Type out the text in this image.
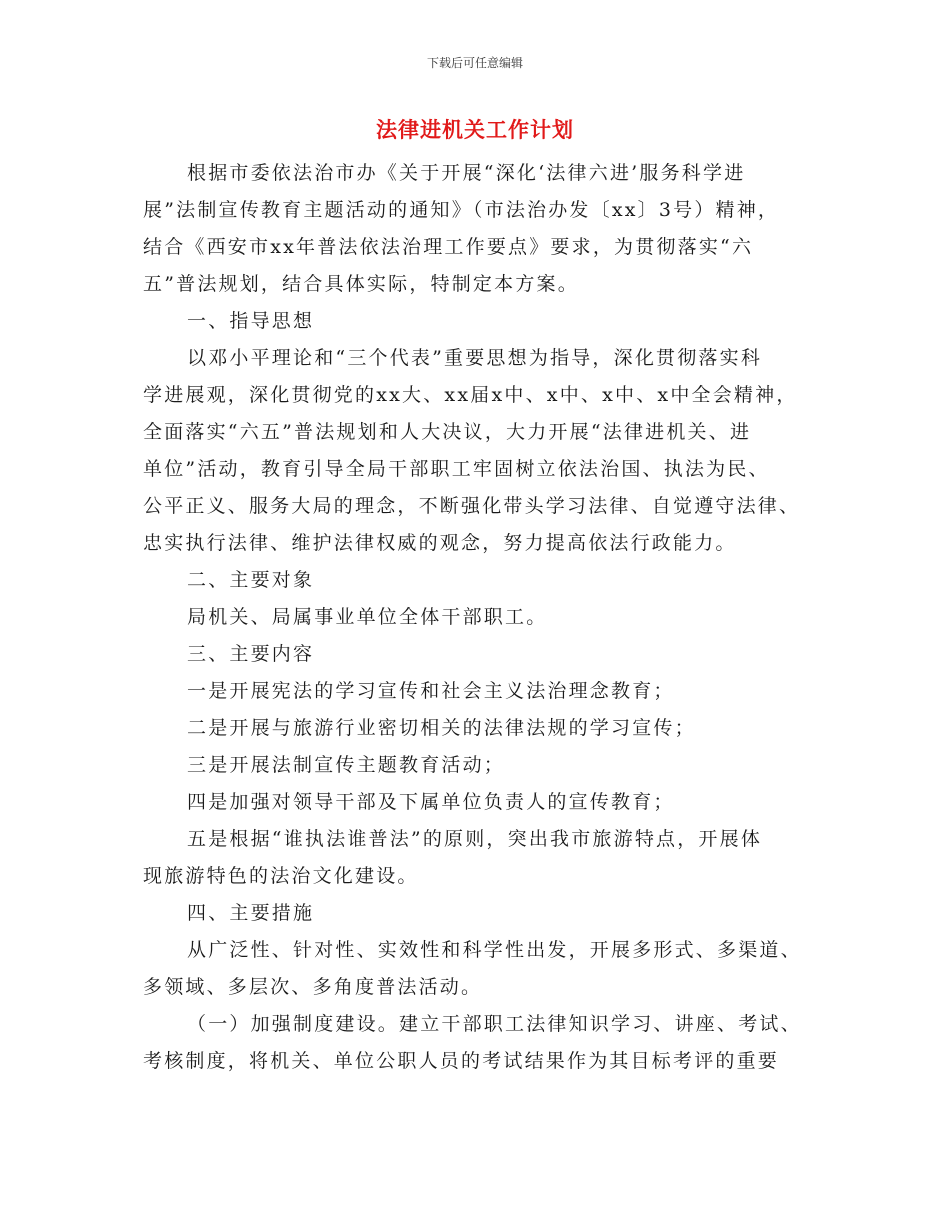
下载后可任意编辑
法律进机关工作计划
根据市委依法治市办《关于开展“深化‘法律六进’服务科学进
展”法制宣传教育主题活动的通知》（市法治办发〔xx〕3号）精神，
结合《西安市xx年普法依法治理工作要点》要求，为贯彻落实“六
五”普法规划，结合具体实际，特制定本方案。
一、指导思想
以邓小平理论和“三个代表”重要思想为指导，深化贯彻落实科
学进展观，深化贯彻党的xx大、xx届x中、x中、x中、x中全会精神，
全面落实“六五”普法规划和人大决议，大力开展“法律进机关、进
单位”活动，教育引导全局干部职工牢固树立依法治国、执法为民、
公平正义、服务大局的理念，不断强化带头学习法律、自觉遵守法律、
忠实执行法律、维护法律权威的观念，努力提高依法行政能力。
二、主要对象
局机关、局属事业单位全体干部职工。
三、主要内容
一是开展宪法的学习宣传和社会主义法治理念教育；
二是开展与旅游行业密切相关的法律法规的学习宣传；
三是开展法制宣传主题教育活动；
四是加强对领导干部及下属单位负责人的宣传教育；
五是根据“谁执法谁普法”的原则，突出我市旅游特点，开展体
现旅游特色的法治文化建设。
四、主要措施
从广泛性、针对性、实效性和科学性出发，开展多形式、多渠道、
多领域、多层次、多角度普法活动。
（一）加强制度建设。建立干部职工法律知识学习、讲座、考试、
考核制度，将机关、单位公职人员的考试结果作为其目标考评的重要
